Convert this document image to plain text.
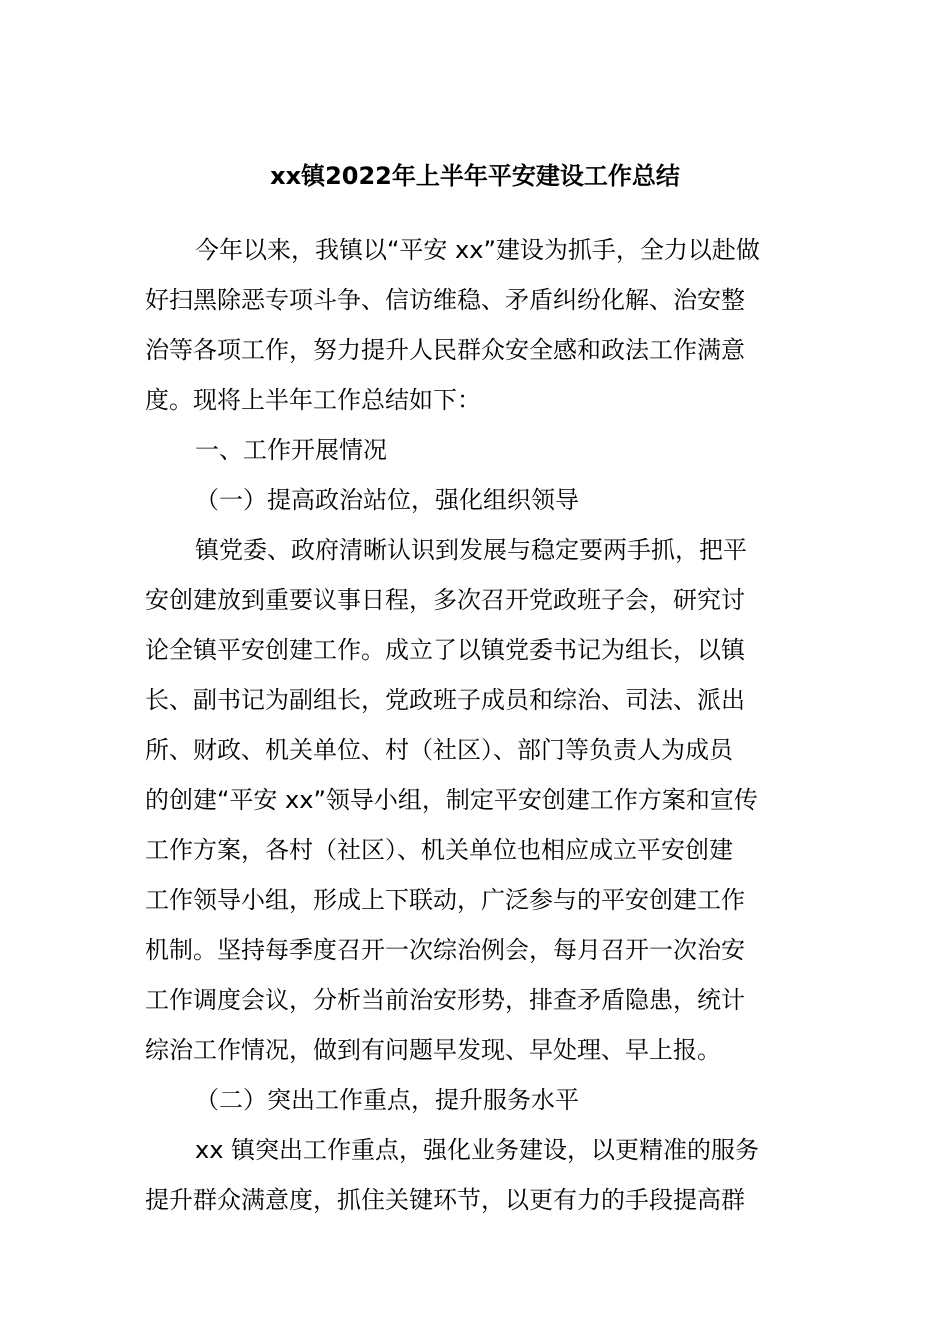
xx镇2022年上半年平安建设工作总结
今年以来，我镇以“平安 xx”建设为抓手，全力以赴做
好扫黑除恶专项斗争、信访维稳、矛盾纠纷化解、治安整
治等各项工作，努力提升人民群众安全感和政法工作满意
度。现将上半年工作总结如下：
一、工作开展情况
（一）提高政治站位，强化组织领导
镇党委、政府清晰认识到发展与稳定要两手抓，把平
安创建放到重要议事日程，多次召开党政班子会，研究讨
论全镇平安创建工作。成立了以镇党委书记为组长，以镇
长、副书记为副组长，党政班子成员和综治、司法、派出
所、财政、机关单位、村（社区）、部门等负责人为成员
的创建“平安 xx”领导小组，制定平安创建工作方案和宣传
工作方案，各村（社区）、机关单位也相应成立平安创建
工作领导小组，形成上下联动，广泛参与的平安创建工作
机制。坚持每季度召开一次综治例会，每月召开一次治安
工作调度会议，分析当前治安形势，排查矛盾隐患，统计
综治工作情况，做到有问题早发现、早处理、早上报。
（二）突出工作重点，提升服务水平
xx 镇突出工作重点，强化业务建设，以更精准的服务
提升群众满意度，抓住关键环节，以更有力的手段提高群
